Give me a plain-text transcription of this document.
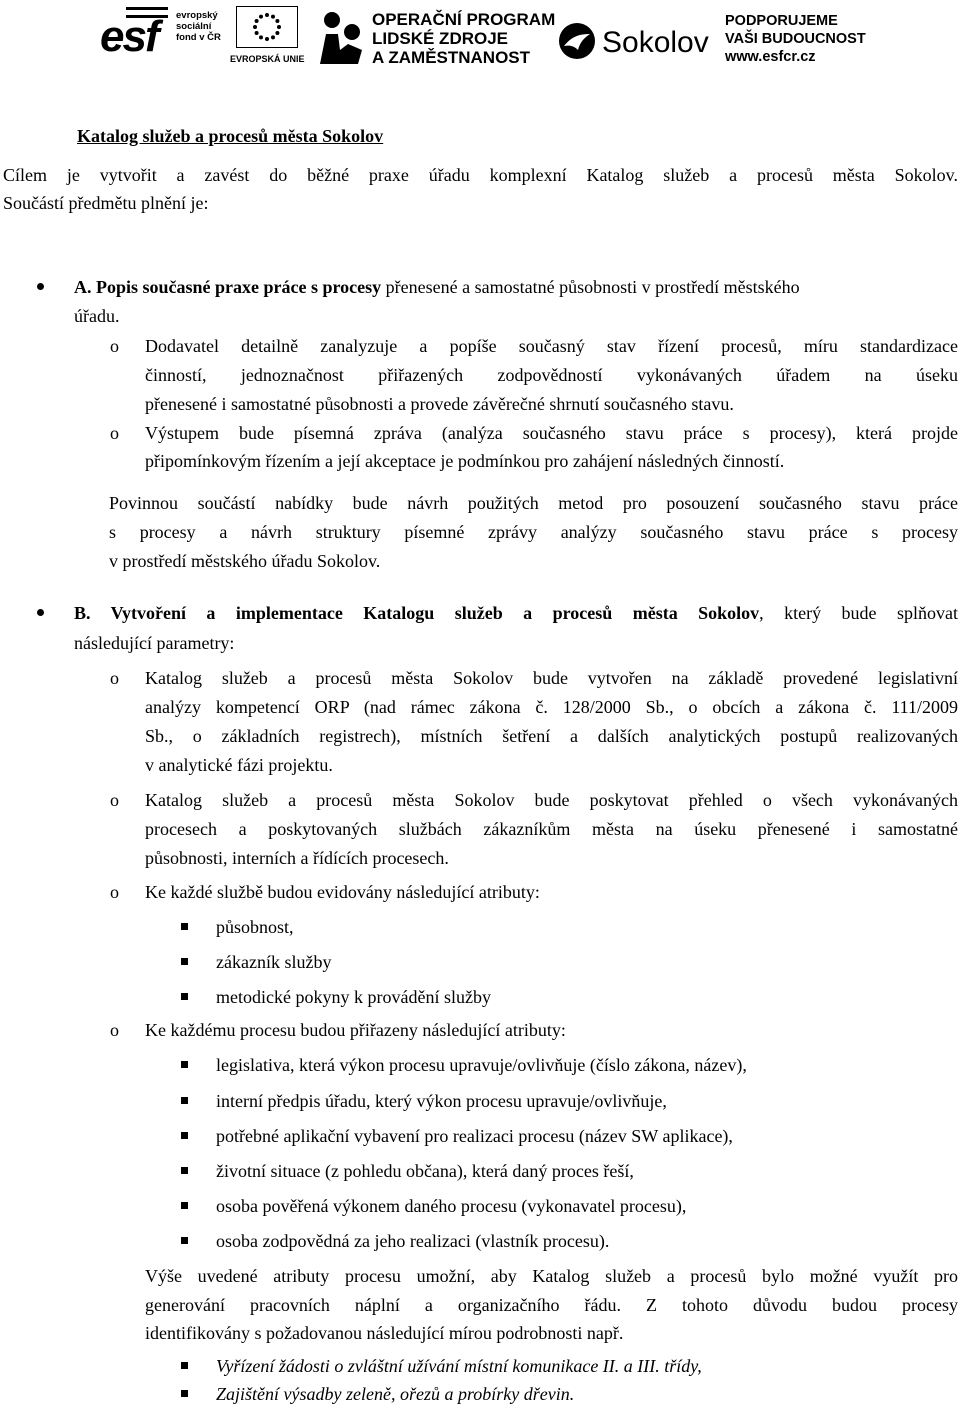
esf evropský
sociální
fond v ČR
EVROPSKÁ UNIE
OPERAČNÍ PROGRAM
LIDSKÉ ZDROJE
A ZAMĚSTNANOST	Sokolov
PODPORUJEME
VAŠI BUDOUCNOST
www.esfcr.cz
Katalog služeb a procesů města Sokolov
Cílem je vytvořit a zavést do běžné praxe úřadu komplexní Katalog služeb a procesů města Sokolov.
Součástí předmětu plnění je:
A. Popis současné praxe práce s procesy přenesené a samostatné působnosti v prostředí městského
úřadu.
o Dodavatel detailně zanalyzuje a popíše současný stav řízení procesů, míru standardizace
činností, jednoznačnost přiřazených zodpovědností vykonávaných úřadem na úseku
přenesené i samostatné působnosti a provede závěrečné shrnutí současného stavu.
o Výstupem bude písemná zpráva (analýza současného stavu práce s procesy), která projde
připomínkovým řízením a její akceptace je podmínkou pro zahájení následných činností.
Povinnou součástí nabídky bude návrh použitých metod pro posouzení současného stavu práce
s procesy a návrh struktury písemné zprávy analýzy současného stavu práce s procesy
v prostředí městského úřadu Sokolov.
B. Vytvoření a implementace Katalogu služeb a procesů města Sokolov, který bude splňovat
následující parametry:
o Katalog služeb a procesů města Sokolov bude vytvořen na základě provedené legislativní
analýzy kompetencí ORP (nad rámec zákona č. 128/2000 Sb., o obcích a zákona č. 111/2009
Sb., o základních registrech), místních šetření a dalších analytických postupů realizovaných
v analytické fázi projektu.
o Katalog služeb a procesů města Sokolov bude poskytovat přehled o všech vykonávaných
procesech a poskytovaných službách zákazníkům města na úseku přenesené i samostatné
působnosti, interních a řídících procesech.
o Ke každé službě budou evidovány následující atributy:
působnost,
zákazník služby
metodické pokyny k provádění služby
o Ke každému procesu budou přiřazeny následující atributy:
legislativa, která výkon procesu upravuje/ovlivňuje (číslo zákona, název),
interní předpis úřadu, který výkon procesu upravuje/ovlivňuje,
potřebné aplikační vybavení pro realizaci procesu (název SW aplikace),
životní situace (z pohledu občana), která daný proces řeší,
osoba pověřená výkonem daného procesu (vykonavatel procesu),
osoba zodpovědná za jeho realizaci (vlastník procesu).
Výše uvedené atributy procesu umožní, aby Katalog služeb a procesů bylo možné využít pro
generování pracovních náplní a organizačního řádu. Z tohoto důvodu budou procesy
identifikovány s požadovanou následující mírou podrobnosti např.
Vyřízení žádosti o zvláštní užívání místní komunikace II. a III. třídy,
Zajištění výsadby zeleně, ořezů a probírky dřevin.
